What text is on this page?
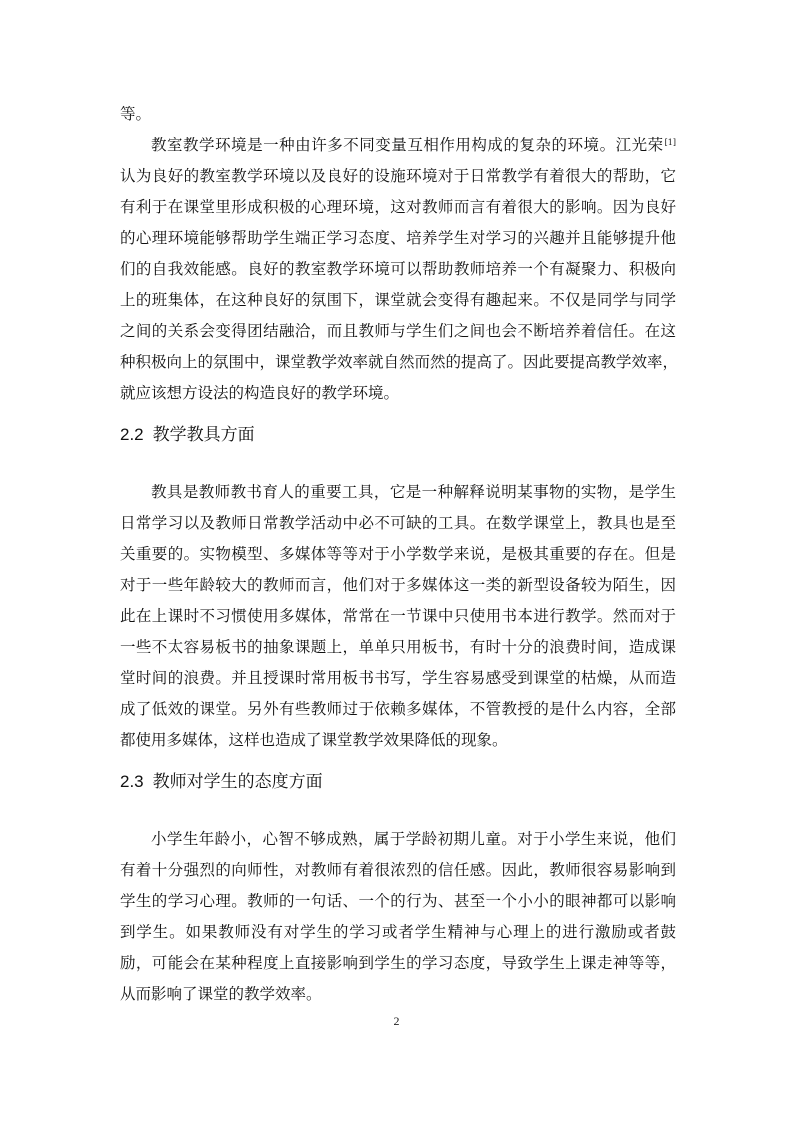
等。
教室教学环境是一种由许多不同变量互相作用构成的复杂的环境。江光荣[1]
认为良好的教室教学环境以及良好的设施环境对于日常教学有着很大的帮助，它
有利于在课堂里形成积极的心理环境，这对教师而言有着很大的影响。因为良好
的心理环境能够帮助学生端正学习态度、培养学生对学习的兴趣并且能够提升他
们的自我效能感。良好的教室教学环境可以帮助教师培养一个有凝聚力、积极向
上的班集体，在这种良好的氛围下，课堂就会变得有趣起来。不仅是同学与同学
之间的关系会变得团结融洽，而且教师与学生们之间也会不断培养着信任。在这
种积极向上的氛围中，课堂教学效率就自然而然的提高了。因此要提高教学效率，
就应该想方设法的构造良好的教学环境。
2.2 教学教具方面
教具是教师教书育人的重要工具，它是一种解释说明某事物的实物，是学生
日常学习以及教师日常教学活动中必不可缺的工具。在数学课堂上，教具也是至
关重要的。实物模型、多媒体等等对于小学数学来说，是极其重要的存在。但是
对于一些年龄较大的教师而言，他们对于多媒体这一类的新型设备较为陌生，因
此在上课时不习惯使用多媒体，常常在一节课中只使用书本进行教学。然而对于
一些不太容易板书的抽象课题上，单单只用板书，有时十分的浪费时间，造成课
堂时间的浪费。并且授课时常用板书书写，学生容易感受到课堂的枯燥，从而造
成了低效的课堂。另外有些教师过于依赖多媒体，不管教授的是什么内容，全部
都使用多媒体，这样也造成了课堂教学效果降低的现象。
2.3 教师对学生的态度方面
小学生年龄小，心智不够成熟，属于学龄初期儿童。对于小学生来说，他们
有着十分强烈的向师性，对教师有着很浓烈的信任感。因此，教师很容易影响到
学生的学习心理。教师的一句话、一个的行为、甚至一个小小的眼神都可以影响
到学生。如果教师没有对学生的学习或者学生精神与心理上的进行激励或者鼓
励，可能会在某种程度上直接影响到学生的学习态度，导致学生上课走神等等，
从而影响了课堂的教学效率。
2
